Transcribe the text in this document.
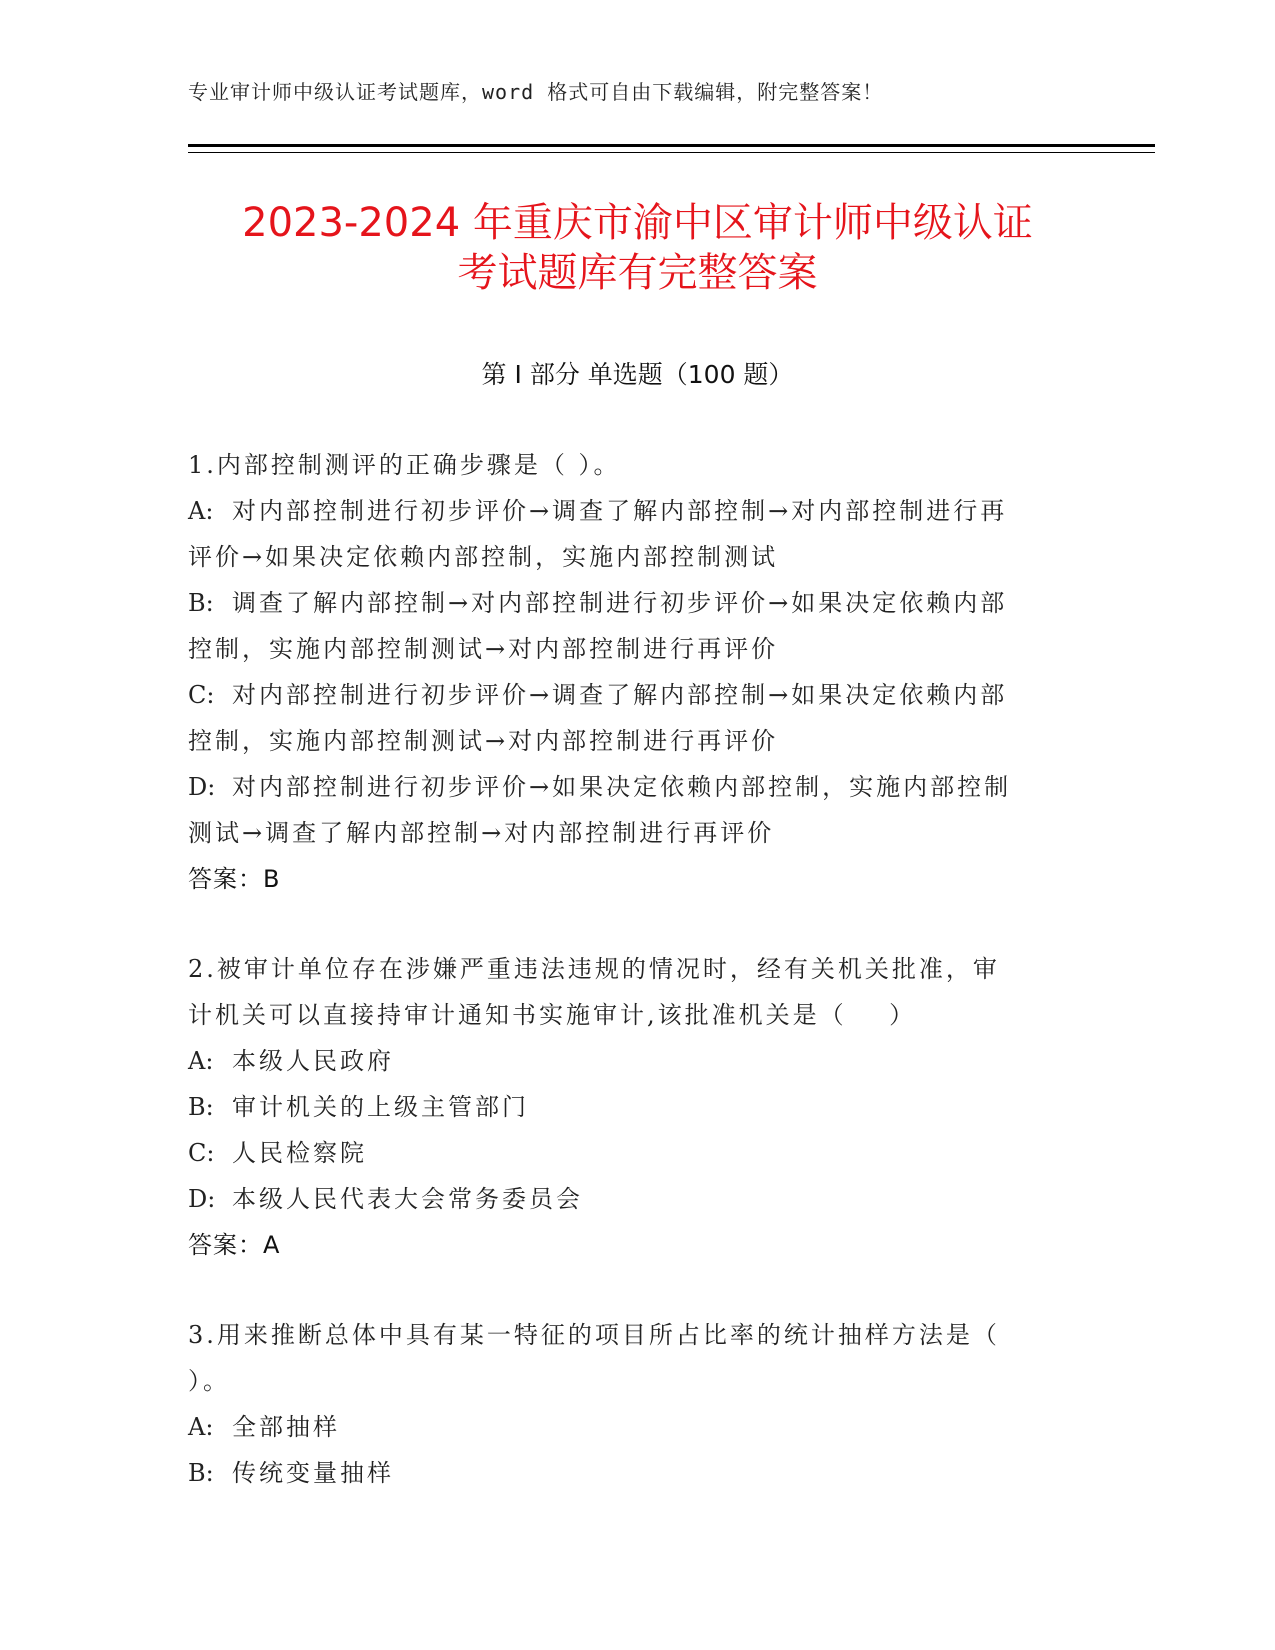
专业审计师中级认证考试题库，word 格式可自由下载编辑，附完整答案！
2023-2024 年重庆市渝中区审计师中级认证
考试题库有完整答案
第 I 部分 单选题（100 题）
1.内部控制测评的正确步骤是（ ）。
A: 对内部控制进行初步评价→调查了解内部控制→对内部控制进行再
评价→如果决定依赖内部控制，实施内部控制测试
B: 调查了解内部控制→对内部控制进行初步评价→如果决定依赖内部
控制，实施内部控制测试→对内部控制进行再评价
C: 对内部控制进行初步评价→调查了解内部控制→如果决定依赖内部
控制，实施内部控制测试→对内部控制进行再评价
D: 对内部控制进行初步评价→如果决定依赖内部控制，实施内部控制
测试→调查了解内部控制→对内部控制进行再评价
答案：B
2.被审计单位存在涉嫌严重违法违规的情况时，经有关机关批准，审
计机关可以直接持审计通知书实施审计,该批准机关是（    ）
A: 本级人民政府
B: 审计机关的上级主管部门
C: 人民检察院
D: 本级人民代表大会常务委员会
答案：A
3.用来推断总体中具有某一特征的项目所占比率的统计抽样方法是（
）。
A: 全部抽样
B: 传统变量抽样
